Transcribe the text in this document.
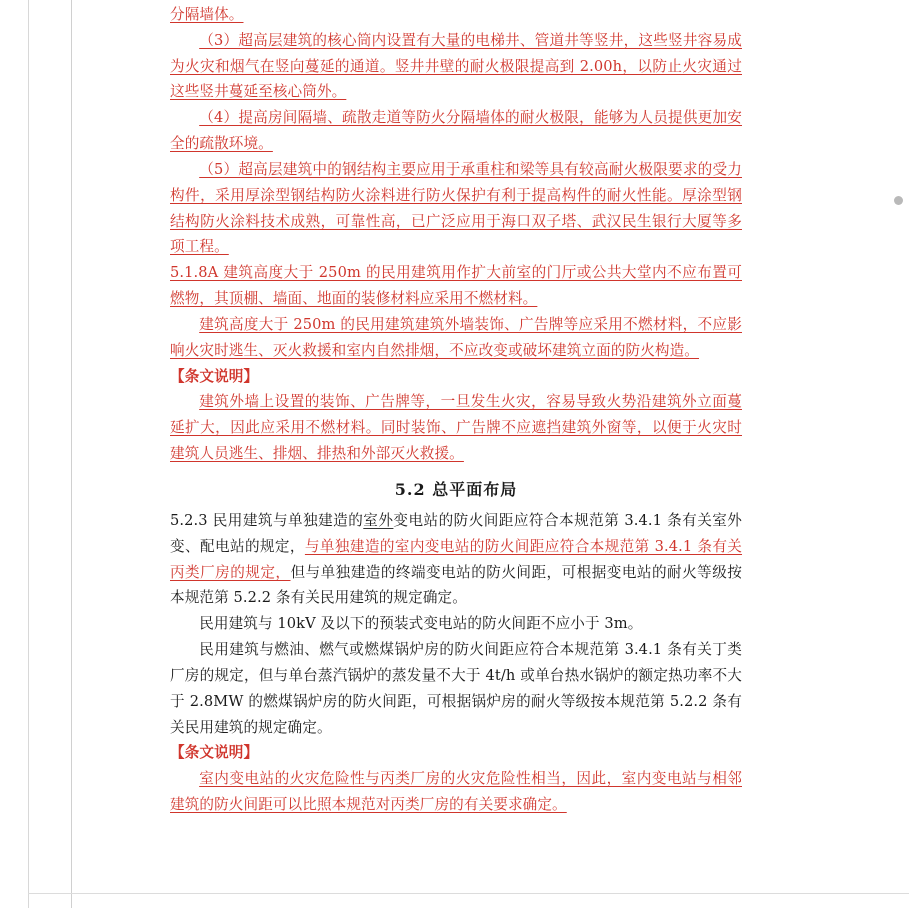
分隔墙体。

（3）超高层建筑的核心筒内设置有大量的电梯井、管道井等竖井，这些竖井容易成为火灾和烟气在竖向蔓延的通道。竖井井壁的耐火极限提高到 2.00h，以防止火灾通过这些竖井蔓延至核心筒外。

（4）提高房间隔墙、疏散走道等防火分隔墙体的耐火极限，能够为人员提供更加安全的疏散环境。

（5）超高层建筑中的钢结构主要应用于承重柱和梁等具有较高耐火极限要求的受力构件，采用厚涂型钢结构防火涂料进行防火保护有利于提高构件的耐火性能。厚涂型钢结构防火涂料技术成熟，可靠性高，已广泛应用于海口双子塔、武汉民生银行大厦等多项工程。

5.1.8A 建筑高度大于 250m 的民用建筑用作扩大前室的门厅或公共大堂内不应布置可燃物，其顶棚、墙面、地面的装修材料应采用不燃材料。

建筑高度大于 250m 的民用建筑建筑外墙装饰、广告牌等应采用不燃材料，不应影响火灾时逃生、灭火救援和室内自然排烟，不应改变或破坏建筑立面的防火构造。

【条文说明】

建筑外墙上设置的装饰、广告牌等，一旦发生火灾，容易导致火势沿建筑外立面蔓延扩大，因此应采用不燃材料。同时装饰、广告牌不应遮挡建筑外窗等，以便于火灾时建筑人员逃生、排烟、排热和外部灭火救援。

5.2 总平面布局

5.2.3 民用建筑与单独建造的室外变电站的防火间距应符合本规范第 3.4.1 条有关室外变、配电站的规定，与单独建造的室内变电站的防火间距应符合本规范第 3.4.1 条有关丙类厂房的规定，但与单独建造的终端变电站的防火间距，可根据变电站的耐火等级按本规范第 5.2.2 条有关民用建筑的规定确定。

民用建筑与 10kV 及以下的预装式变电站的防火间距不应小于 3m。

民用建筑与燃油、燃气或燃煤锅炉房的防火间距应符合本规范第 3.4.1 条有关丁类厂房的规定，但与单台蒸汽锅炉的蒸发量不大于 4t/h 或单台热水锅炉的额定热功率不大于 2.8MW 的燃煤锅炉房的防火间距，可根据锅炉房的耐火等级按本规范第 5.2.2 条有关民用建筑的规定确定。

【条文说明】

室内变电站的火灾危险性与丙类厂房的火灾危险性相当，因此，室内变电站与相邻建筑的防火间距可以比照本规范对丙类厂房的有关要求确定。
